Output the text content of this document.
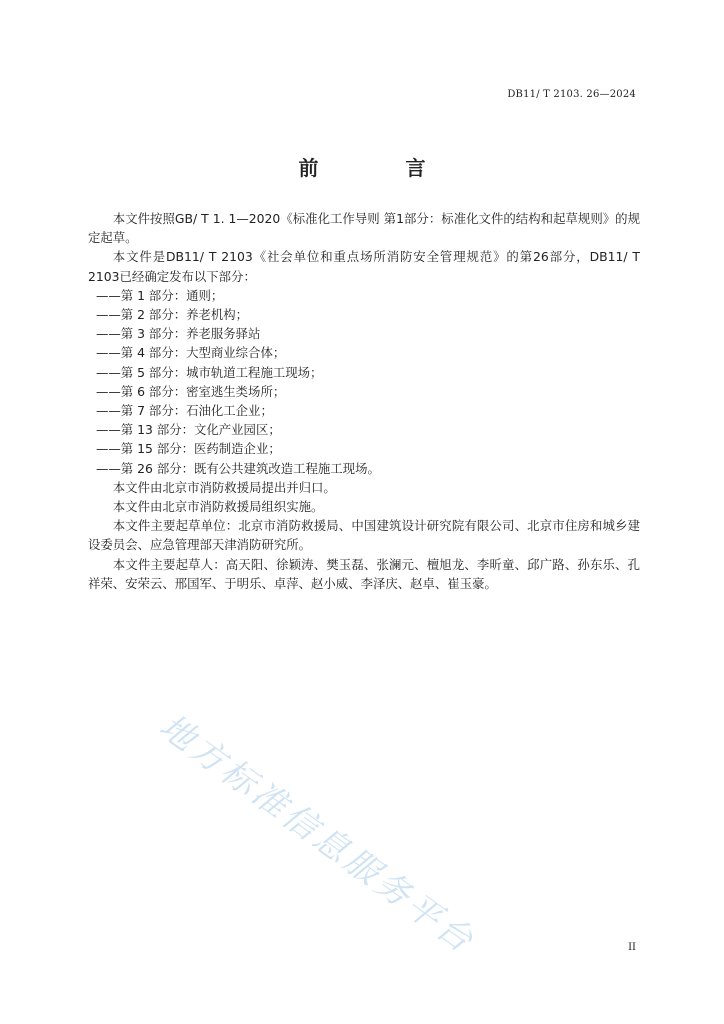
DB11/ T 2103. 26—2024
前 言

本文件按照GB/ T 1. 1—2020《标准化工作导则 第1部分：标准化文件的结构和起草规则》的规定起草。

本文件是DB11/ T 2103《社会单位和重点场所消防安全管理规范》的第26部分，DB11/ T 2103已经确定发布以下部分：

——第 1 部分：通则；

——第 2 部分：养老机构；

——第 3 部分：养老服务驿站

——第 4 部分：大型商业综合体；

——第 5 部分：城市轨道工程施工现场；

——第 6 部分：密室逃生类场所；

——第 7 部分：石油化工企业；

——第 13 部分：文化产业园区；

——第 15 部分：医药制造企业；

——第 26 部分：既有公共建筑改造工程施工现场。

本文件由北京市消防救援局提出并归口。

本文件由北京市消防救援局组织实施。

本文件主要起草单位：北京市消防救援局、中国建筑设计研究院有限公司、北京市住房和城乡建设委员会、应急管理部天津消防研究所。

本文件主要起草人：高天阳、徐颖涛、樊玉磊、张澜元、檀旭龙、李昕童、邱广路、孙东乐、孔祥荣、安荣云、邢国军、于明乐、卓萍、赵小威、李泽庆、赵卓、崔玉豪。

地方标准信息服务平台	II
